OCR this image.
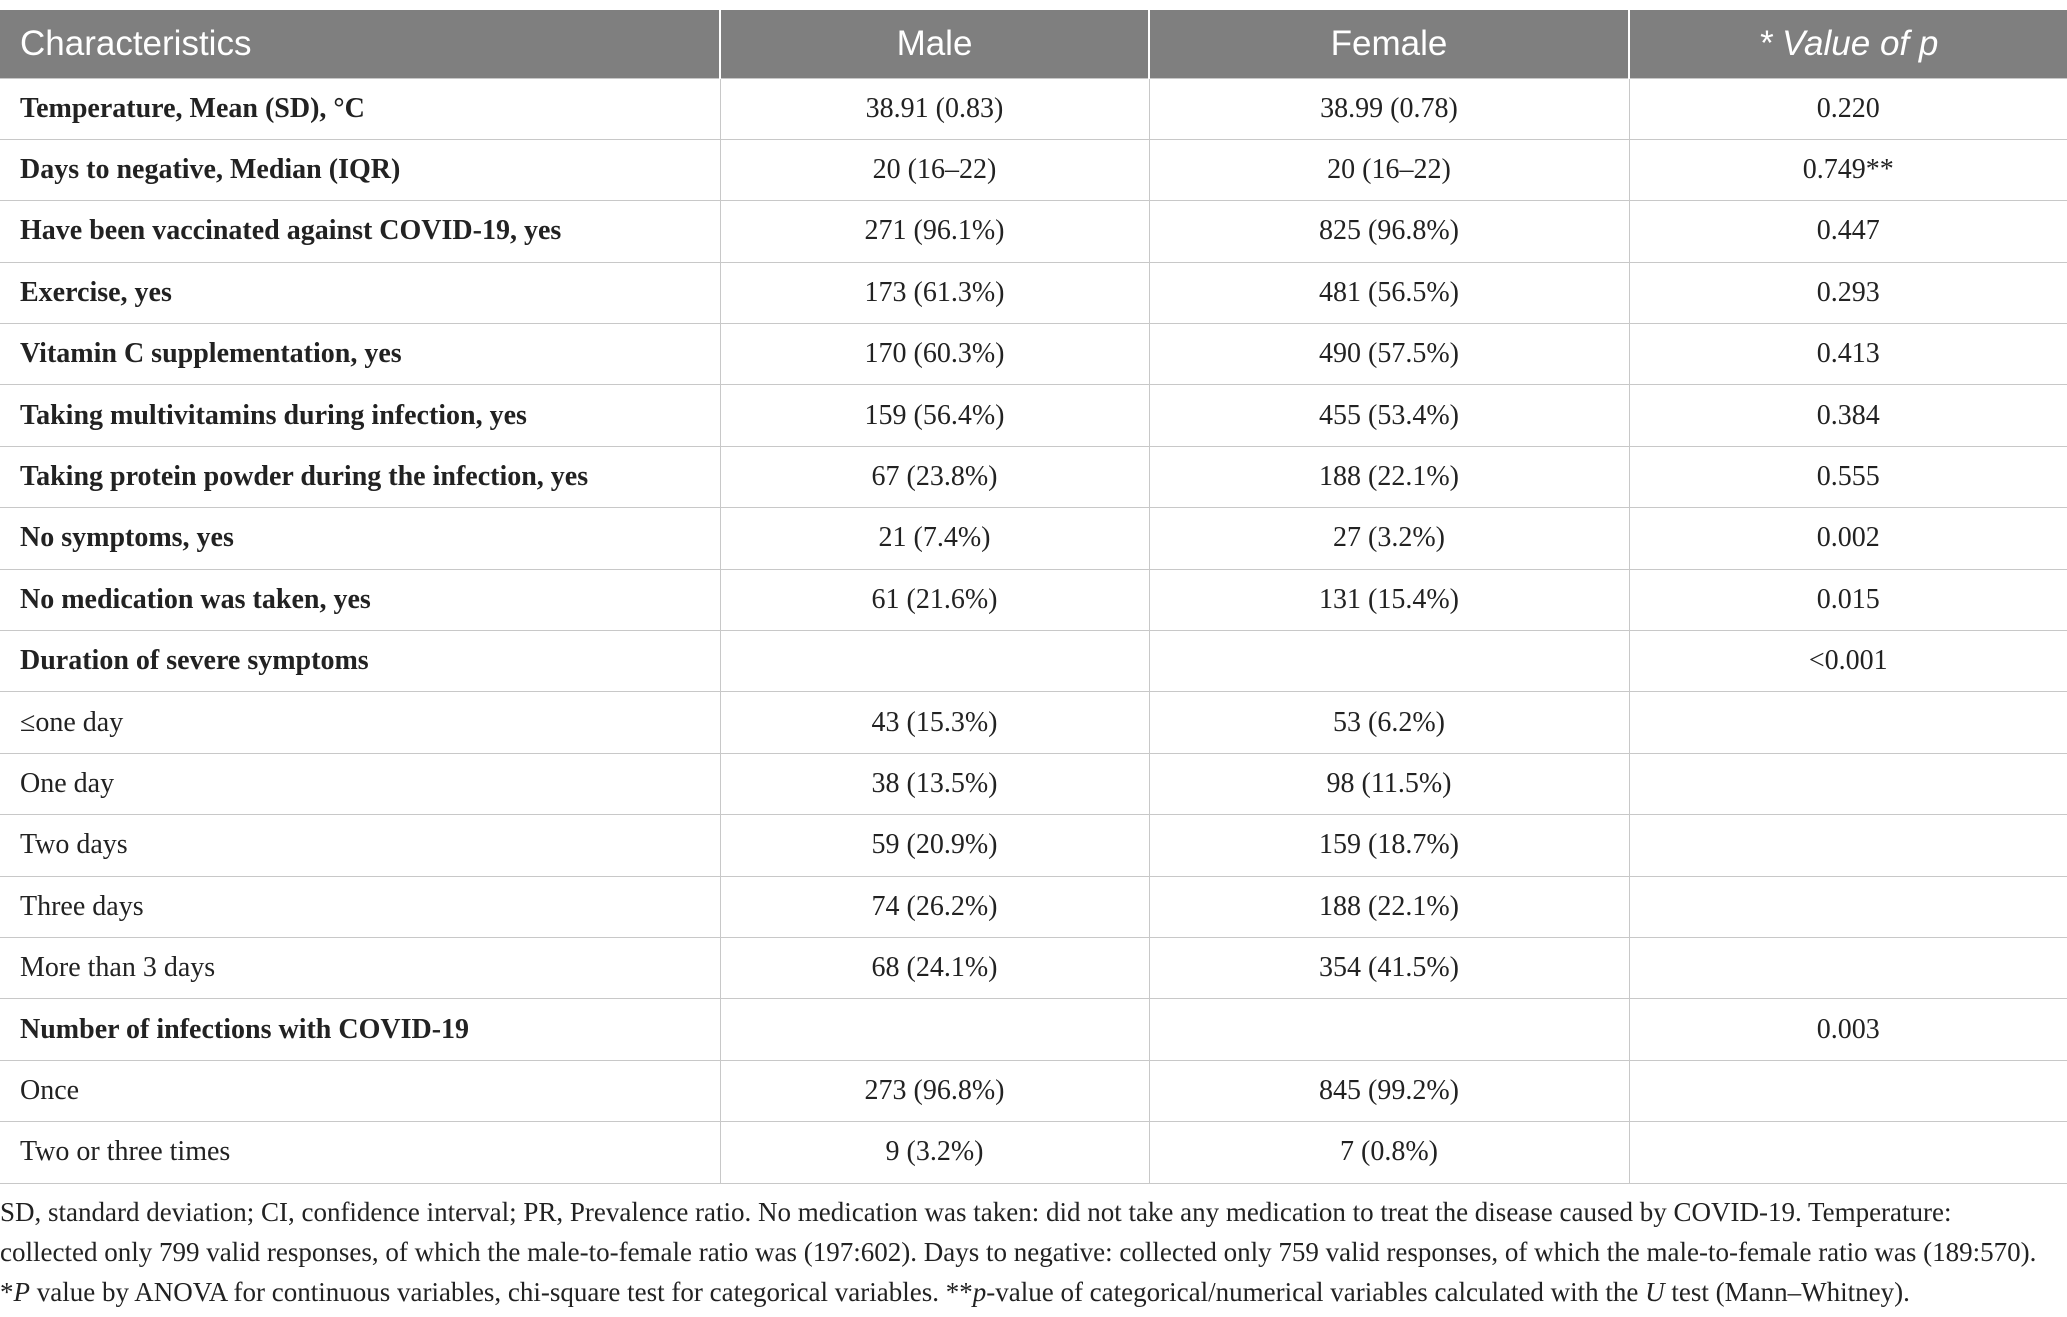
Characteristics	Male	Female	* Value of p
Temperature, Mean (SD), °C	38.91 (0.83)	38.99 (0.78)	0.220
Days to negative, Median (IQR)	20 (16–22)	20 (16–22)	0.749**
Have been vaccinated against COVID-19, yes	271 (96.1%)	825 (96.8%)	0.447
Exercise, yes	173 (61.3%)	481 (56.5%)	0.293
Vitamin C supplementation, yes	170 (60.3%)	490 (57.5%)	0.413
Taking multivitamins during infection, yes	159 (56.4%)	455 (53.4%)	0.384
Taking protein powder during the infection, yes	67 (23.8%)	188 (22.1%)	0.555
No symptoms, yes	21 (7.4%)	27 (3.2%)	0.002
No medication was taken, yes	61 (21.6%)	131 (15.4%)	0.015
Duration of severe symptoms			<0.001
≤one day	43 (15.3%)	53 (6.2%)	
One day	38 (13.5%)	98 (11.5%)	
Two days	59 (20.9%)	159 (18.7%)	
Three days	74 (26.2%)	188 (22.1%)	
More than 3 days	68 (24.1%)	354 (41.5%)	
Number of infections with COVID-19			0.003
Once	273 (96.8%)	845 (99.2%)	
Two or three times	9 (3.2%)	7 (0.8%)	

SD, standard deviation; CI, confidence interval; PR, Prevalence ratio. No medication was taken: did not take any medication to treat the disease caused by COVID-19. Temperature: collected only 799 valid responses, of which the male-to-female ratio was (197:602). Days to negative: collected only 759 valid responses, of which the male-to-female ratio was (189:570). *P value by ANOVA for continuous variables, chi-square test for categorical variables. **p-value of categorical/numerical variables calculated with the U test (Mann–Whitney).
